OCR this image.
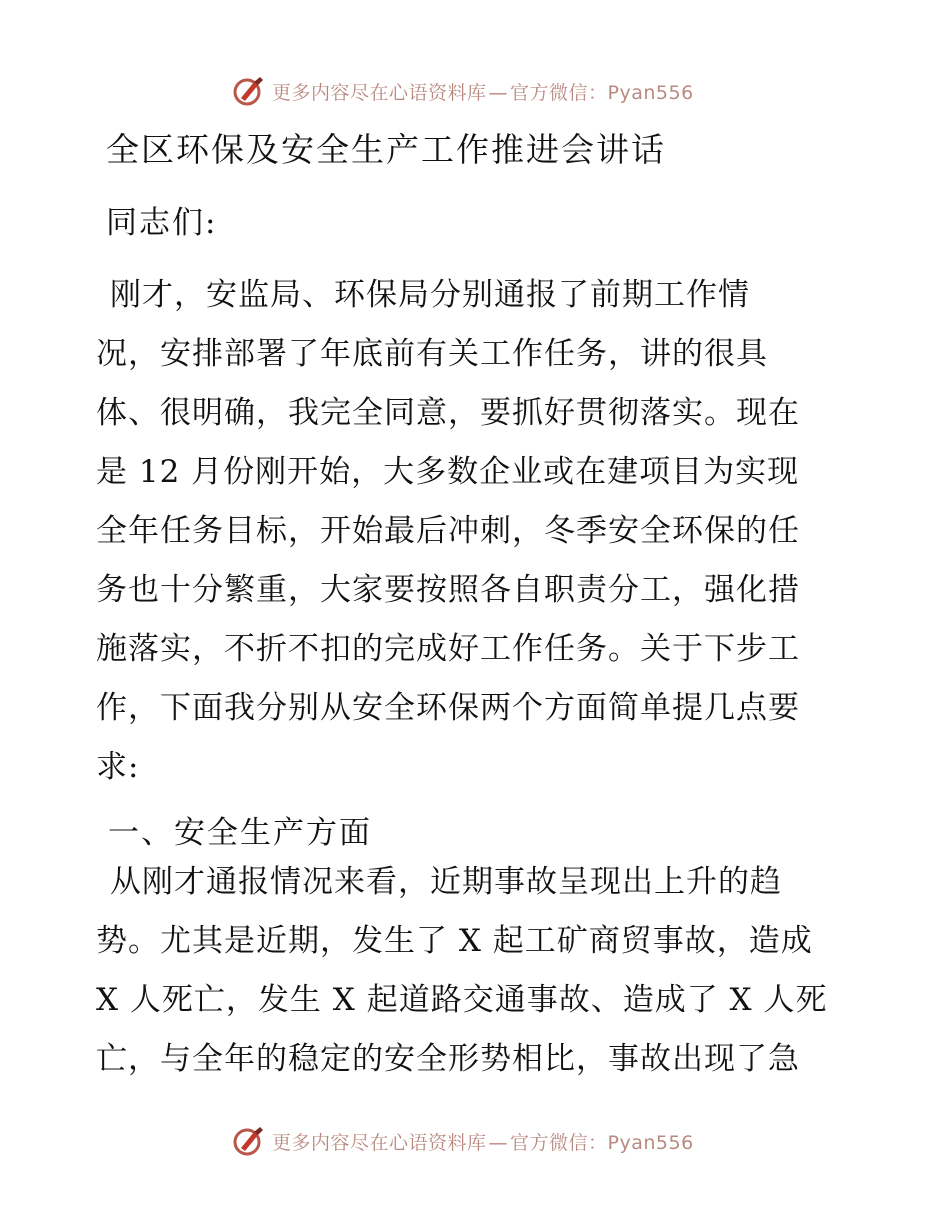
更多内容尽在心语资料库 — 官方微信：Pyan556
全区环保及安全生产工作推进会讲话
同志们:
刚才，安监局、环保局分别通报了前期工作情
况，安排部署了年底前有关工作任务，讲的很具
体、很明确，我完全同意，要抓好贯彻落实。现在
是 12 月份刚开始，大多数企业或在建项目为实现
全年任务目标，开始最后冲刺，冬季安全环保的任
务也十分繁重，大家要按照各自职责分工，强化措
施落实，不折不扣的完成好工作任务。关于下步工
作，下面我分别从安全环保两个方面简单提几点要
求:
一、安全生产方面
从刚才通报情况来看，近期事故呈现出上升的趋
势。尤其是近期，发生了 X 起工矿商贸事故，造成
X 人死亡，发生 X 起道路交通事故、造成了 X 人死
亡，与全年的稳定的安全形势相比，事故出现了急
更多内容尽在心语资料库 — 官方微信：Pyan556
